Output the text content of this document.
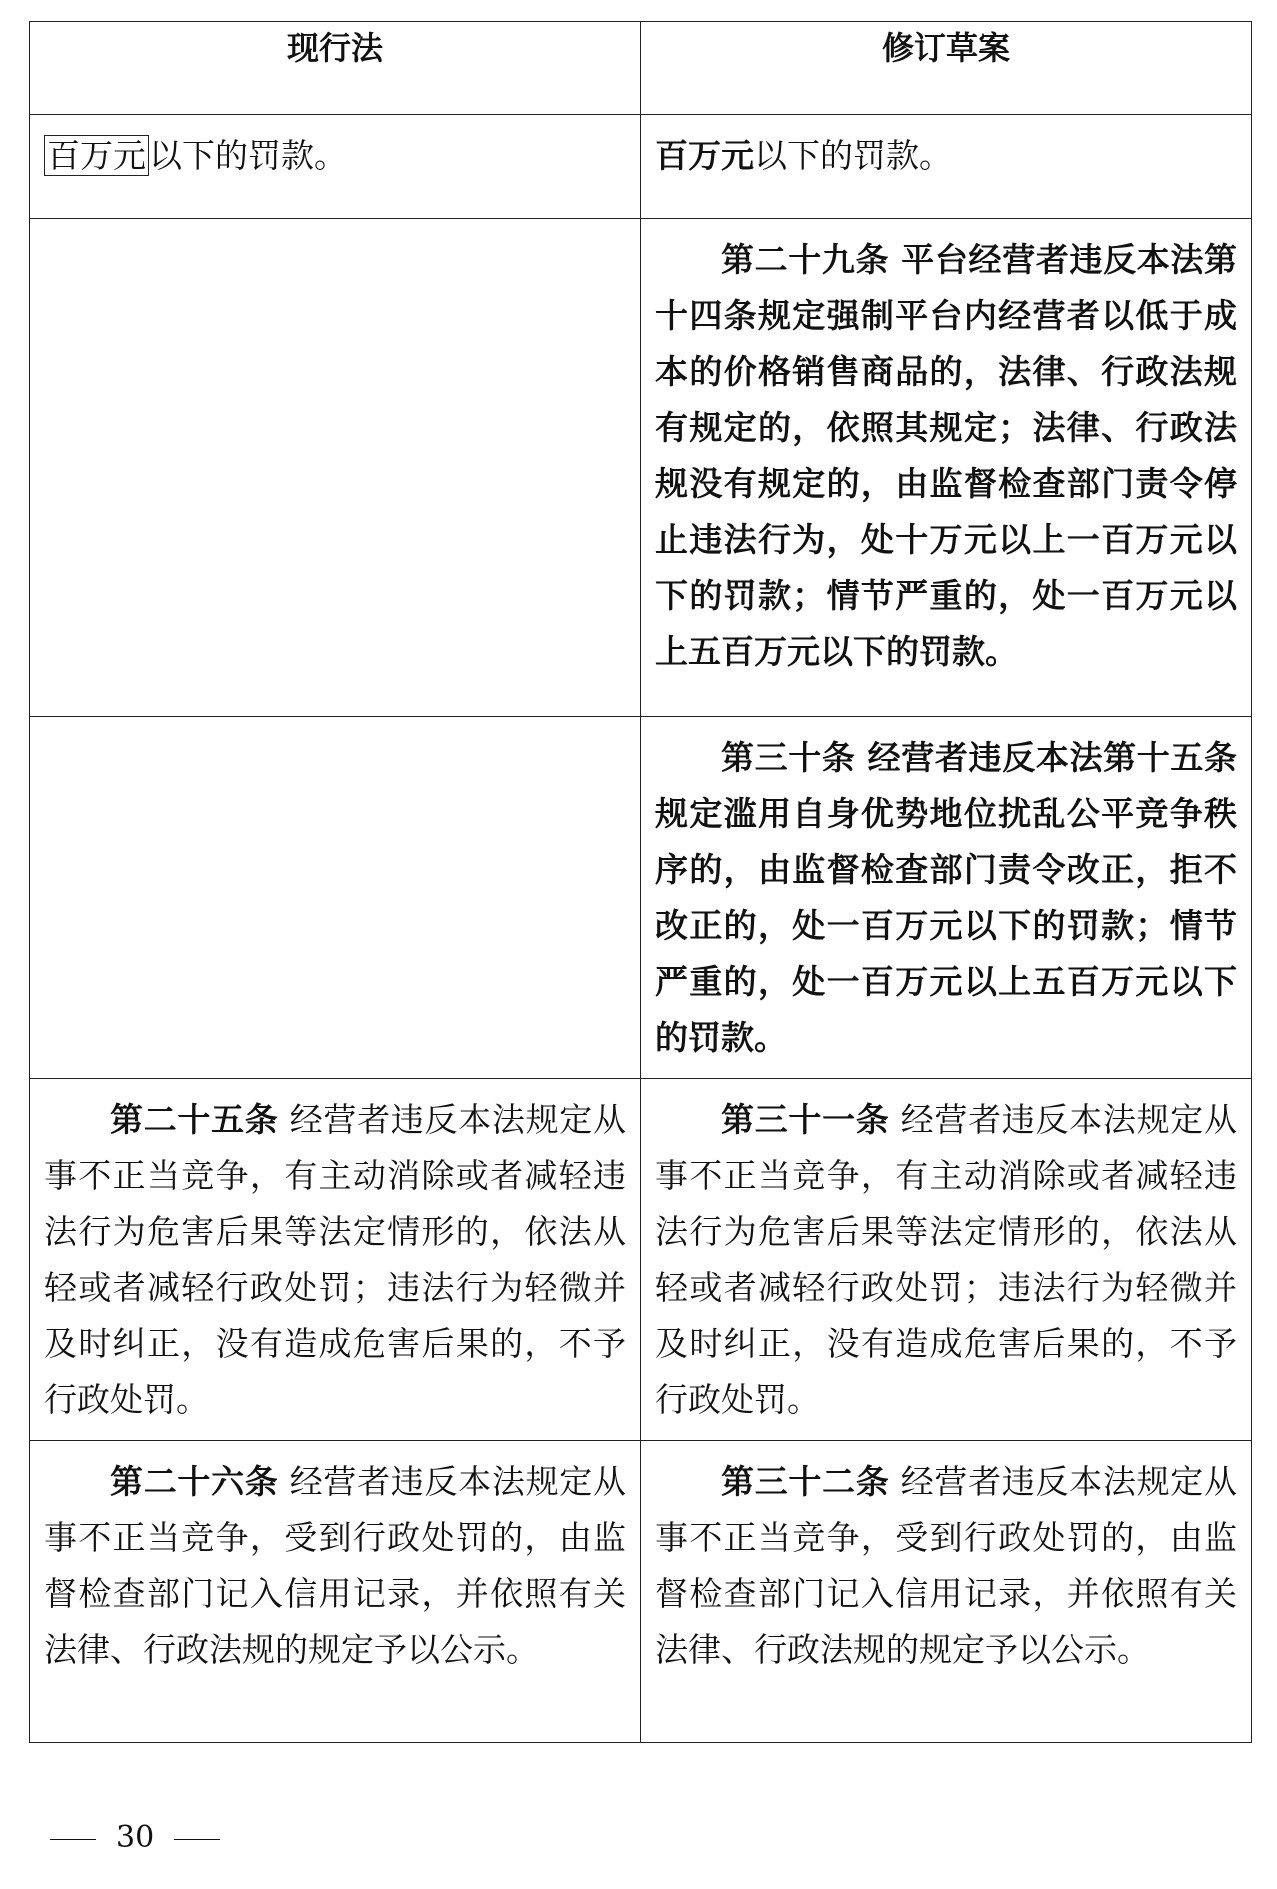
现行法	修订草案
百万元以下的罚款。	百万元以下的罚款。
	第二十九条 平台经营者违反本法第十四条规定强制平台内经营者以低于成本的价格销售商品的，法律、行政法规有规定的，依照其规定；法律、行政法规没有规定的，由监督检查部门责令停止违法行为，处十万元以上一百万元以下的罚款；情节严重的，处一百万元以上五百万元以下的罚款。
	第三十条 经营者违反本法第十五条规定滥用自身优势地位扰乱公平竞争秩序的，由监督检查部门责令改正，拒不改正的，处一百万元以下的罚款；情节严重的，处一百万元以上五百万元以下的罚款。
第二十五条 经营者违反本法规定从事不正当竞争，有主动消除或者减轻违法行为危害后果等法定情形的，依法从轻或者减轻行政处罚；违法行为轻微并及时纠正，没有造成危害后果的，不予行政处罚。	第三十一条 经营者违反本法规定从事不正当竞争，有主动消除或者减轻违法行为危害后果等法定情形的，依法从轻或者减轻行政处罚；违法行为轻微并及时纠正，没有造成危害后果的，不予行政处罚。
第二十六条 经营者违反本法规定从事不正当竞争，受到行政处罚的，由监督检查部门记入信用记录，并依照有关法律、行政法规的规定予以公示。	第三十二条 经营者违反本法规定从事不正当竞争，受到行政处罚的，由监督检查部门记入信用记录，并依照有关法律、行政法规的规定予以公示。
30
